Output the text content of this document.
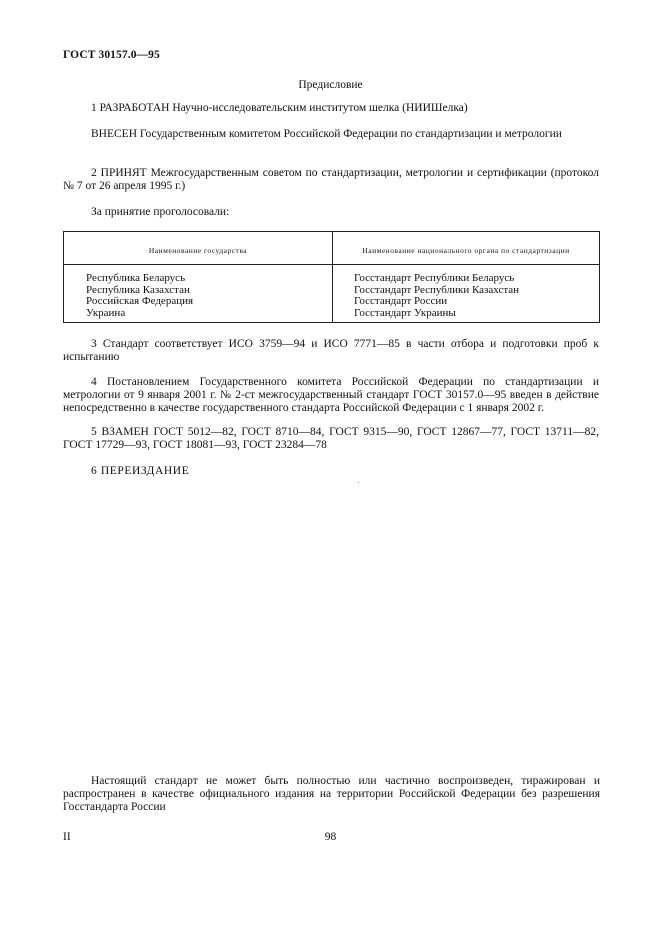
ГОСТ 30157.0—95
Предисловие
1 РАЗРАБОТАН Научно-исследовательским институтом шелка (НИИШелка)
ВНЕСЕН Государственным комитетом Российской Федерации по стандартизации и метрологии
2 ПРИНЯТ Межгосударственным советом по стандартизации, метрологии и сертификации (протокол № 7 от 26 апреля 1995 г.)
За принятие проголосовали:
Наименование государства	Наименование национального органа по стандартизации
Республика Беларусь
Республика Казахстан
Российская Федерация
Украина
Госстандарт Республики Беларусь
Госстандарт Республики Казахстан
Госстандарт России
Госстандарт Украины
3 Стандарт соответствует ИСО 3759—94 и ИСО 7771—85 в части отбора и подготовки проб к испытанию
4 Постановлением Государственного комитета Российской Федерации по стандартизации и метрологии от 9 января 2001 г. № 2-ст межгосударственный стандарт ГОСТ 30157.0—95 введен в действие непосредственно в качестве государственного стандарта Российской Федерации с 1 января 2002 г.
5 ВЗАМЕН ГОСТ 5012—82, ГОСТ 8710—84, ГОСТ 9315—90, ГОСТ 12867—77, ГОСТ 13711—82, ГОСТ 17729—93, ГОСТ 18081—93, ГОСТ 23284—78
6 ПЕРЕИЗДАНИЕ
Настоящий стандарт не может быть полностью или частично воспроизведен, тиражирован и распространен в качестве официального издания на территории Российской Федерации без разрешения Госстандарта России
II	98
